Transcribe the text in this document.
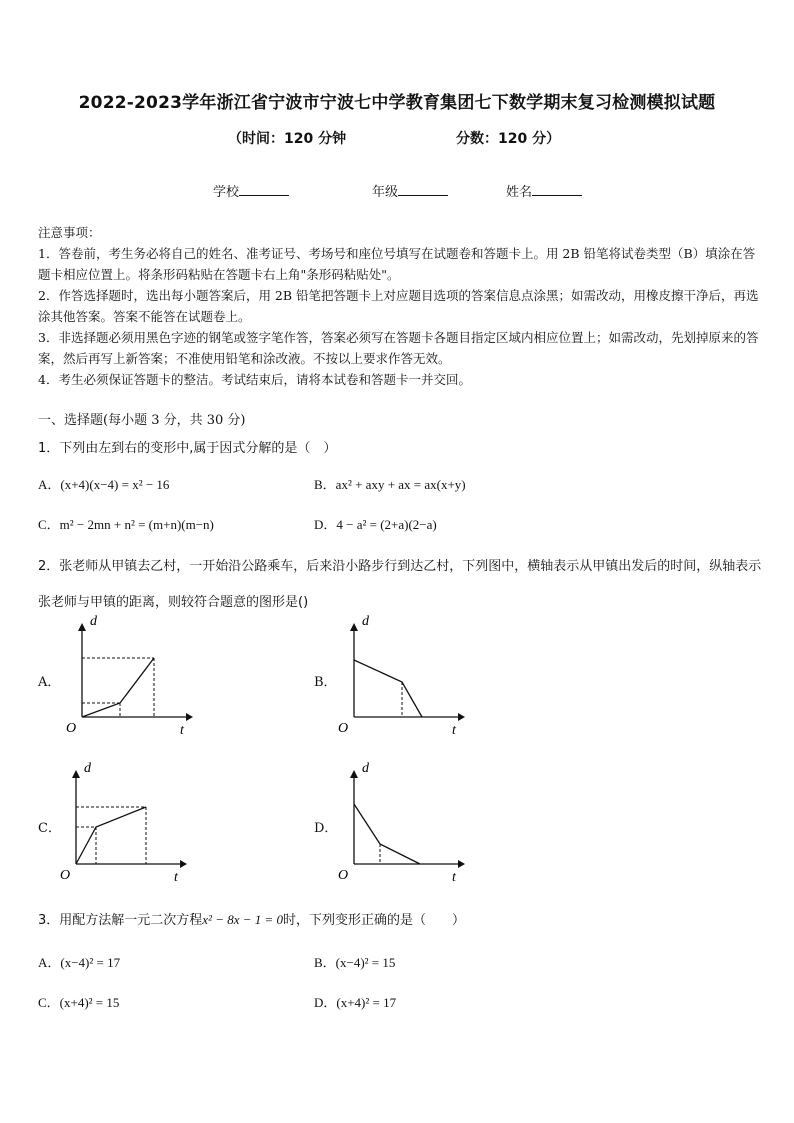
2022-2023学年浙江省宁波市宁波七中学教育集团七下数学期末复习检测模拟试题
（时间：120 分钟	分数：120 分）
学校	年级	姓名

注意事项：

1．答卷前，考生务必将自己的姓名、准考证号、考场号和座位号填写在试题卷和答题卡上。用 2B 铅笔将试卷类型（B）填涂在答题卡相应位置上。将条形码粘贴在答题卡右上角"条形码粘贴处"。

2．作答选择题时，选出每小题答案后，用 2B 铅笔把答题卡上对应题目选项的答案信息点涂黑；如需改动，用橡皮擦干净后，再选涂其他答案。答案不能答在试题卷上。

3．非选择题必须用黑色字迹的钢笔或签字笔作答，答案必须写在答题卡各题目指定区域内相应位置上；如需改动，先划掉原来的答案，然后再写上新答案；不准使用铅笔和涂改液。不按以上要求作答无效。

4．考生必须保证答题卡的整洁。考试结束后，请将本试卷和答题卡一并交回。

一、选择题(每小题 3 分，共 30 分)
1．下列由左到右的变形中,属于因式分解的是（　）
A．(x+4)(x−4) = x² − 16	B．ax² + axy + ax = ax(x+y)
C．m² − 2mn + n² = (m+n)(m−n)	D．4 − a² = (2+a)(2−a)
2．张老师从甲镇去乙村，一开始沿公路乘车，后来沿小路步行到达乙村，下列图中，横轴表示从甲镇出发后的时间，纵轴表示张老师与甲镇的距离，则较符合题意的图形是()
A．
d
t
O
B．
d
t
O
C．
d
t
O
D．
d
t
O
3．用配方法解一元二次方程x² − 8x − 1 = 0时，下列变形正确的是（　　）
A．(x−4)² = 17	B．(x−4)² = 15
C．(x+4)² = 15	D．(x+4)² = 17
